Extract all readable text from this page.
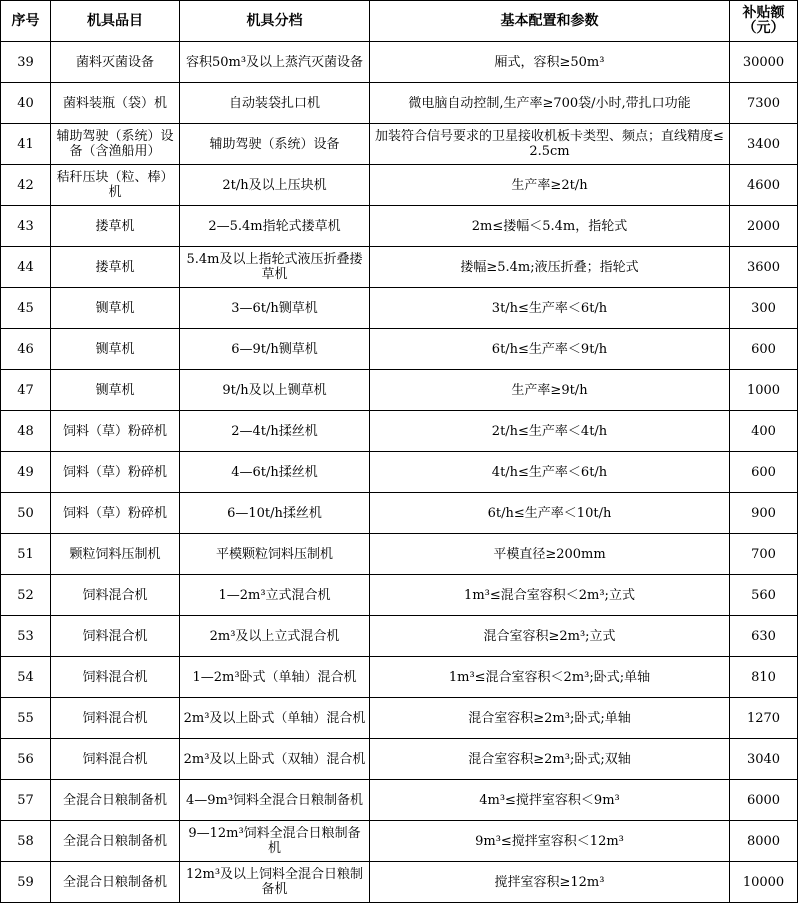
序号	机具品目	机具分档	基本配置和参数	补贴额（元）

39	菌料灭菌设备	容积50m³及以上蒸汽灭菌设备	厢式，容积≥50m³	30000

40	菌料装瓶（袋）机	自动装袋扎口机	微电脑自动控制,生产率≥700袋/小时,带扎口功能	7300

41	辅助驾驶（系统）设备（含渔船用）	辅助驾驶（系统）设备	加装符合信号要求的卫星接收机板卡类型、频点；直线精度≤2.5cm	3400

42	秸秆压块（粒、棒）机	2t/h及以上压块机	生产率≥2t/h	4600

43	搂草机	2—5.4m指轮式搂草机	2m≤搂幅＜5.4m，指轮式	2000

44	搂草机	5.4m及以上指轮式液压折叠搂草机	搂幅≥5.4m;液压折叠；指轮式	3600

45	铡草机	3—6t/h铡草机	3t/h≤生产率＜6t/h	300

46	铡草机	6—9t/h铡草机	6t/h≤生产率＜9t/h	600

47	铡草机	9t/h及以上铡草机	生产率≥9t/h	1000

48	饲料（草）粉碎机	2—4t/h揉丝机	2t/h≤生产率＜4t/h	400

49	饲料（草）粉碎机	4—6t/h揉丝机	4t/h≤生产率＜6t/h	600

50	饲料（草）粉碎机	6—10t/h揉丝机	6t/h≤生产率＜10t/h	900

51	颗粒饲料压制机	平模颗粒饲料压制机	平模直径≥200mm	700

52	饲料混合机	1—2m³立式混合机	1m³≤混合室容积＜2m³;立式	560

53	饲料混合机	2m³及以上立式混合机	混合室容积≥2m³;立式	630

54	饲料混合机	1—2m³卧式（单轴）混合机	1m³≤混合室容积＜2m³;卧式;单轴	810

55	饲料混合机	2m³及以上卧式（单轴）混合机	混合室容积≥2m³;卧式;单轴	1270

56	饲料混合机	2m³及以上卧式（双轴）混合机	混合室容积≥2m³;卧式;双轴	3040

57	全混合日粮制备机	4—9m³饲料全混合日粮制备机	4m³≤搅拌室容积＜9m³	6000

58	全混合日粮制备机	9—12m³饲料全混合日粮制备机	9m³≤搅拌室容积＜12m³	8000

59	全混合日粮制备机	12m³及以上饲料全混合日粮制备机	搅拌室容积≥12m³	10000
